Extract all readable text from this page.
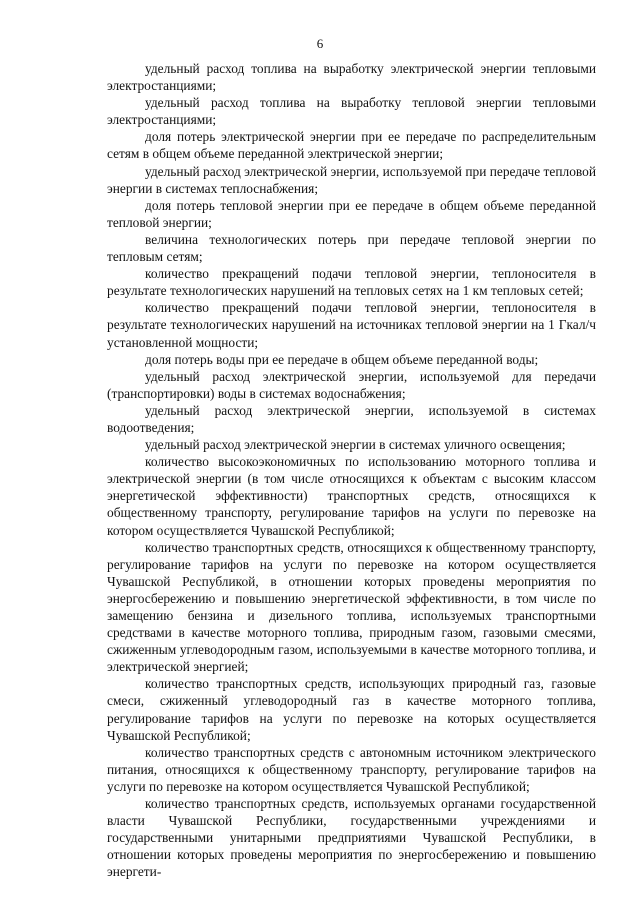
6

удельный расход топлива на выработку электрической энергии тепловыми электростанциями;

удельный расход топлива на выработку тепловой энергии тепловыми электростанциями;

доля потерь электрической энергии при ее передаче по распределительным сетям в общем объеме переданной электрической энергии;

удельный расход электрической энергии, используемой при передаче тепловой энергии в системах теплоснабжения;

доля потерь тепловой энергии при ее передаче в общем объеме переданной тепловой энергии;

величина технологических потерь при передаче тепловой энергии по тепловым сетям;

количество прекращений подачи тепловой энергии, теплоносителя в результате технологических нарушений на тепловых сетях на 1 км тепловых сетей;

количество прекращений подачи тепловой энергии, теплоносителя в результате технологических нарушений на источниках тепловой энергии на 1 Гкал/ч установленной мощности;

доля потерь воды при ее передаче в общем объеме переданной воды;

удельный расход электрической энергии, используемой для передачи (транспортировки) воды в системах водоснабжения;

удельный расход электрической энергии, используемой в системах водоотведения;

удельный расход электрической энергии в системах уличного освещения;

количество высокоэкономичных по использованию моторного топлива и электрической энергии (в том числе относящихся к объектам с высоким классом энергетической эффективности) транспортных средств, относящихся к общественному транспорту, регулирование тарифов на услуги по перевозке на котором осуществляется Чувашской Республикой;

количество транспортных средств, относящихся к общественному транспорту, регулирование тарифов на услуги по перевозке на котором осуществляется Чувашской Республикой, в отношении которых проведены мероприятия по энергосбережению и повышению энергетической эффективности, в том числе по замещению бензина и дизельного топлива, используемых транспортными средствами в качестве моторного топлива, природным газом, газовыми смесями, сжиженным углеводородным газом, используемыми в качестве моторного топлива, и электрической энергией;

количество транспортных средств, использующих природный газ, газовые смеси, сжиженный углеводородный газ в качестве моторного топлива, регулирование тарифов на услуги по перевозке на которых осуществляется Чувашской Республикой;

количество транспортных средств с автономным источником электрического питания, относящихся к общественному транспорту, регулирование тарифов на услуги по перевозке на котором осуществляется Чувашской Республикой;

количество транспортных средств, используемых органами государственной власти Чувашской Республики, государственными учреждениями и государственными унитарными предприятиями Чувашской Республики, в отношении которых проведены мероприятия по энергосбережению и повышению энергети-
